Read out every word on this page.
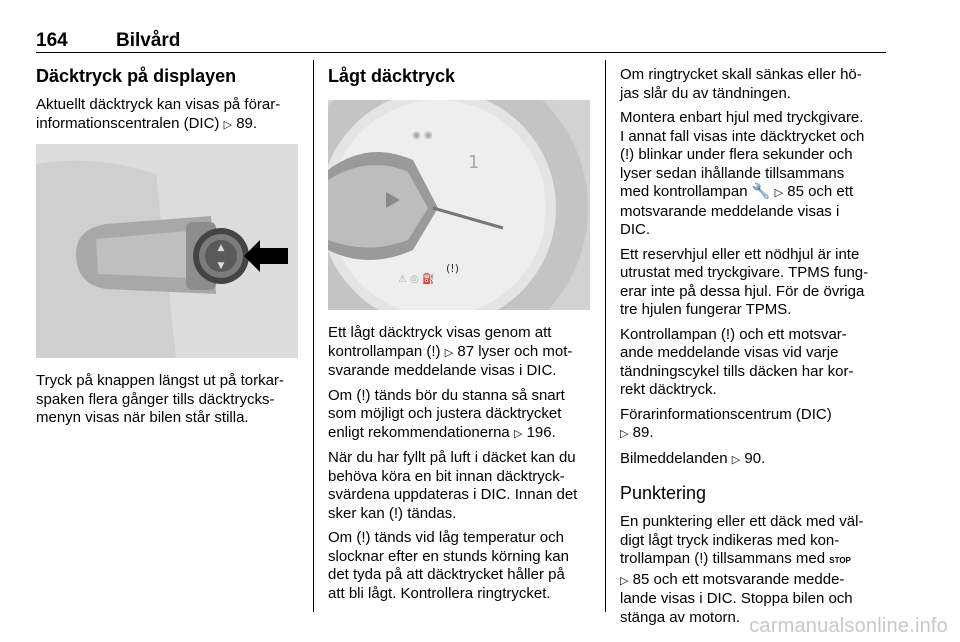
164	Bilvård
Däcktryck på displayen

Aktuellt däcktryck kan visas på förar-
informationscentralen (DIC) ▷ 89.

▲
▼

Tryck på knappen längst ut på torkar-
spaken flera gånger tills däcktrycks-
menyn visas när bilen står stilla.

Lågt däcktryck
1
(!)
◉ ◉
⚠ ◎ ⛽

Ett lågt däcktryck visas genom att
kontrollampan (!) ▷ 87 lyser och mot-
svarande meddelande visas i DIC.

Om (!) tänds bör du stanna så snart
som möjligt och justera däcktrycket
enligt rekommendationerna ▷ 196.

När du har fyllt på luft i däcket kan du
behöva köra en bit innan däcktryck-
svärdena uppdateras i DIC. Innan det
sker kan (!) tändas.

Om (!) tänds vid låg temperatur och
slocknar efter en stunds körning kan
det tyda på att däcktrycket håller på
att bli lågt. Kontrollera ringtrycket.

Om ringtrycket skall sänkas eller hö-
jas slår du av tändningen.

Montera enbart hjul med tryckgivare.
I annat fall visas inte däcktrycket och
(!) blinkar under flera sekunder och
lyser sedan ihållande tillsammans
med kontrollampan 🔧 ▷ 85 och ett
motsvarande meddelande visas i
DIC.

Ett reservhjul eller ett nödhjul är inte
utrustat med tryckgivare. TPMS fung-
erar inte på dessa hjul. För de övriga
tre hjulen fungerar TPMS.

Kontrollampan (!) och ett motsvar-
ande meddelande visas vid varje
tändningscykel tills däcken har kor-
rekt däcktryck.

Förarinformationscentrum (DIC)
▷ 89.

Bilmeddelanden ▷ 90.

Punktering

En punktering eller ett däck med väl-
digt lågt tryck indikeras med kon-
trollampan (!) tillsammans med STOP
▷ 85 och ett motsvarande medde-
lande visas i DIC. Stoppa bilen och
stänga av motorn. carmanualsonline.info
